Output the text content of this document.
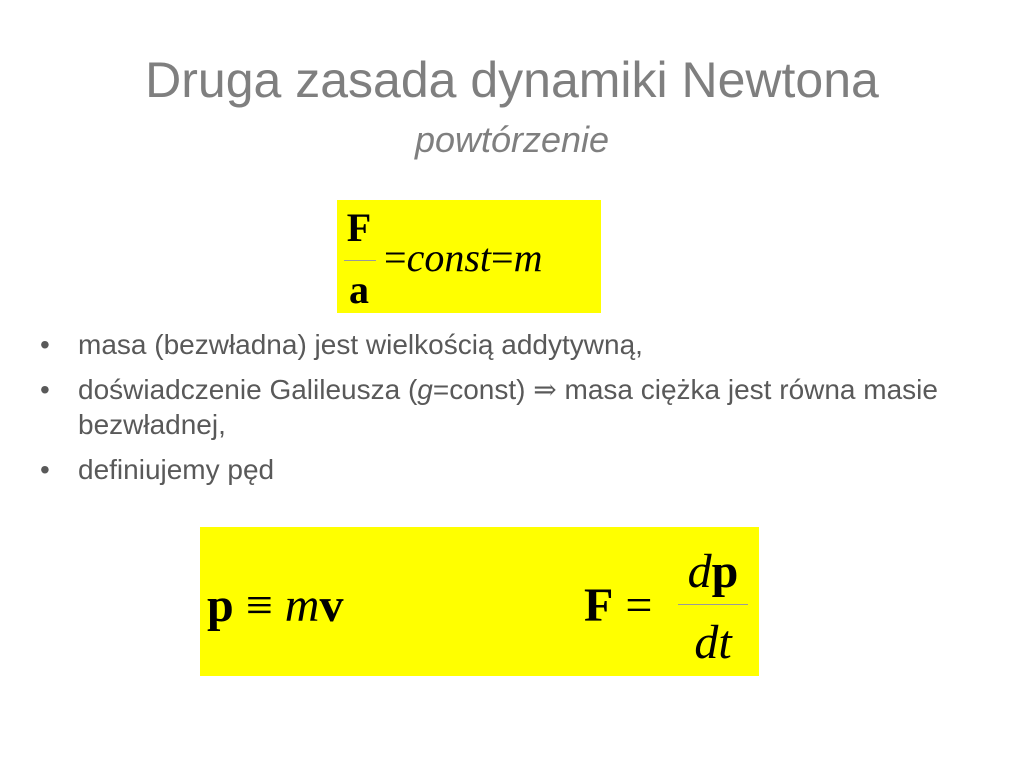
Druga zasada dynamiki Newtona
powtórzenie
F
a
=const=m
• masa (bezwładna) jest wielkością addytywną,
• doświadczenie Galileusza (g=const) ⇒ masa ciężka jest równa masie bezwładnej,
• definiujemy pęd
p ≡ mv	F =
dp
dt
